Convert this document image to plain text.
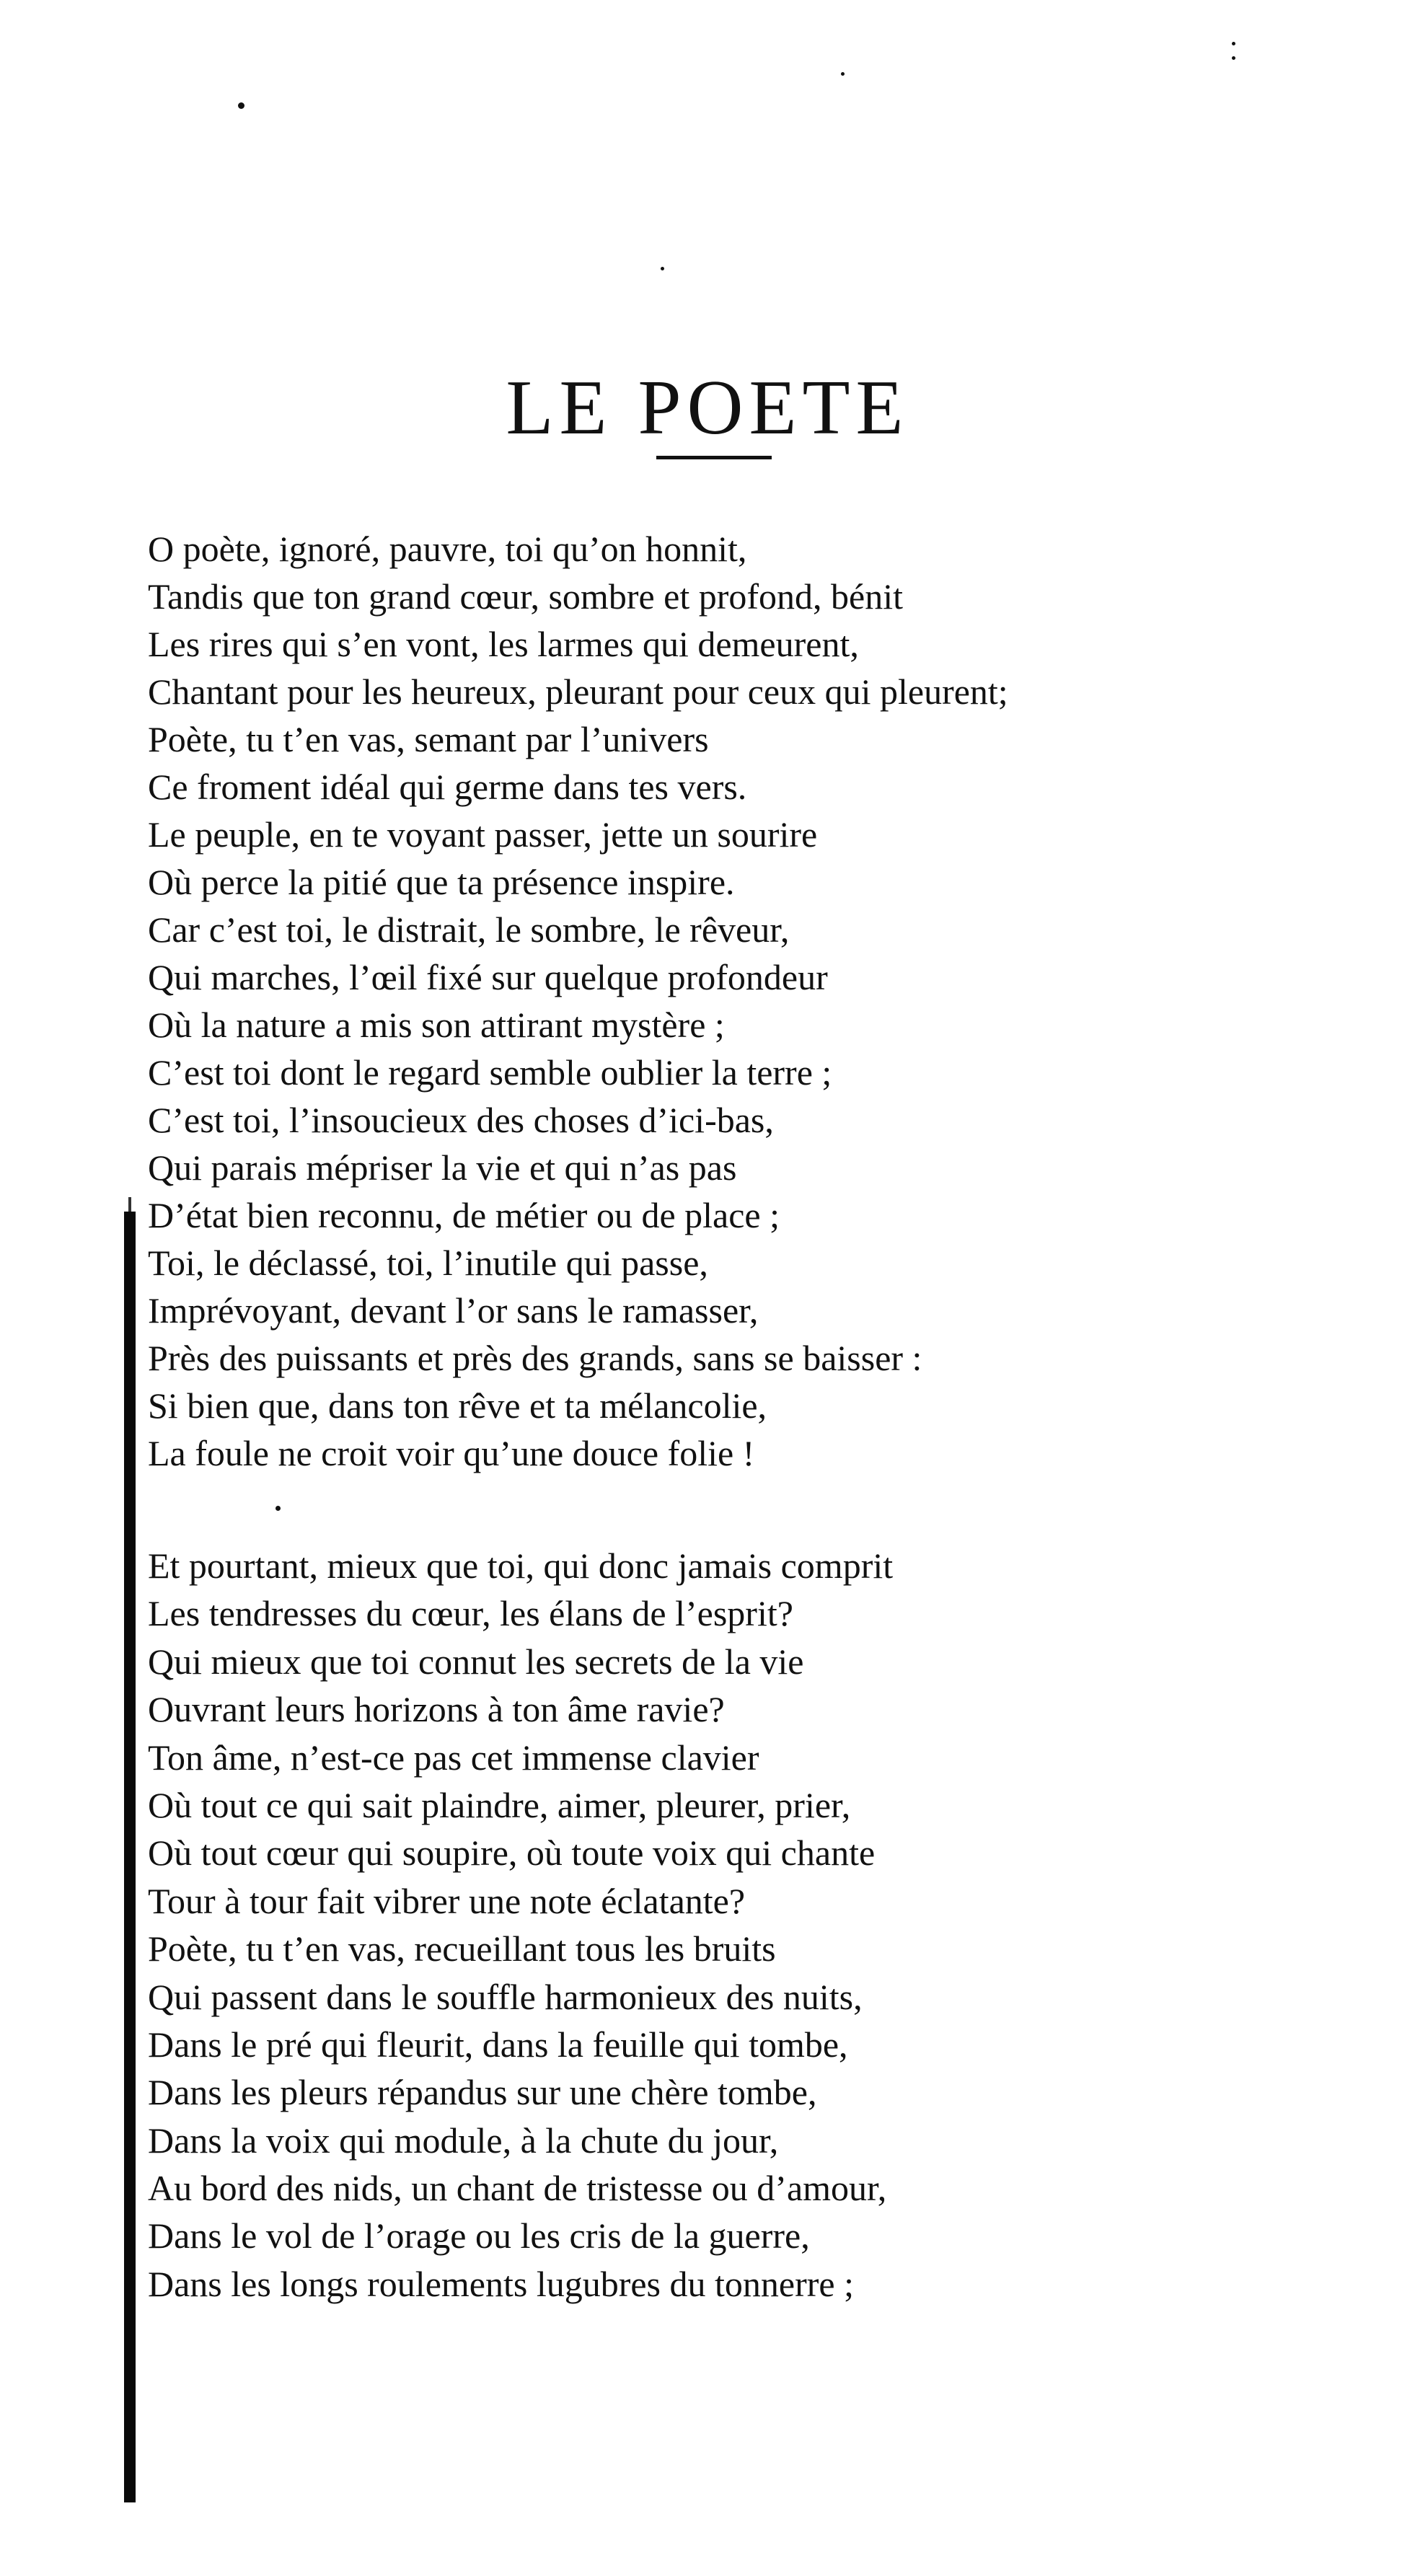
LE POETE
O poète, ignoré, pauvre, toi qu’on honnit,
Tandis que ton grand cœur, sombre et profond, bénit
Les rires qui s’en vont, les larmes qui demeurent,
Chantant pour les heureux, pleurant pour ceux qui pleurent;
Poète, tu t’en vas, semant par l’univers
Ce froment idéal qui germe dans tes vers.
Le peuple, en te voyant passer, jette un sourire
Où perce la pitié que ta présence inspire.
Car c’est toi, le distrait, le sombre, le rêveur,
Qui marches, l’œil fixé sur quelque profondeur
Où la nature a mis son attirant mystère ;
C’est toi dont le regard semble oublier la terre ;
C’est toi, l’insoucieux des choses d’ici-bas,
Qui parais mépriser la vie et qui n’as pas
D’état bien reconnu, de métier ou de place ;
Toi, le déclassé, toi, l’inutile qui passe,
Imprévoyant, devant l’or sans le ramasser,
Près des puissants et près des grands, sans se baisser :
Si bien que, dans ton rêve et ta mélancolie,
La foule ne croit voir qu’une douce folie !
Et pourtant, mieux que toi, qui donc jamais comprit
Les tendresses du cœur, les élans de l’esprit?
Qui mieux que toi connut les secrets de la vie
Ouvrant leurs horizons à ton âme ravie?
Ton âme, n’est-ce pas cet immense clavier
Où tout ce qui sait plaindre, aimer, pleurer, prier,
Où tout cœur qui soupire, où toute voix qui chante
Tour à tour fait vibrer une note éclatante?
Poète, tu t’en vas, recueillant tous les bruits
Qui passent dans le souffle harmonieux des nuits,
Dans le pré qui fleurit, dans la feuille qui tombe,
Dans les pleurs répandus sur une chère tombe,
Dans la voix qui module, à la chute du jour,
Au bord des nids, un chant de tristesse ou d’amour,
Dans le vol de l’orage ou les cris de la guerre,
Dans les longs roulements lugubres du tonnerre ;
